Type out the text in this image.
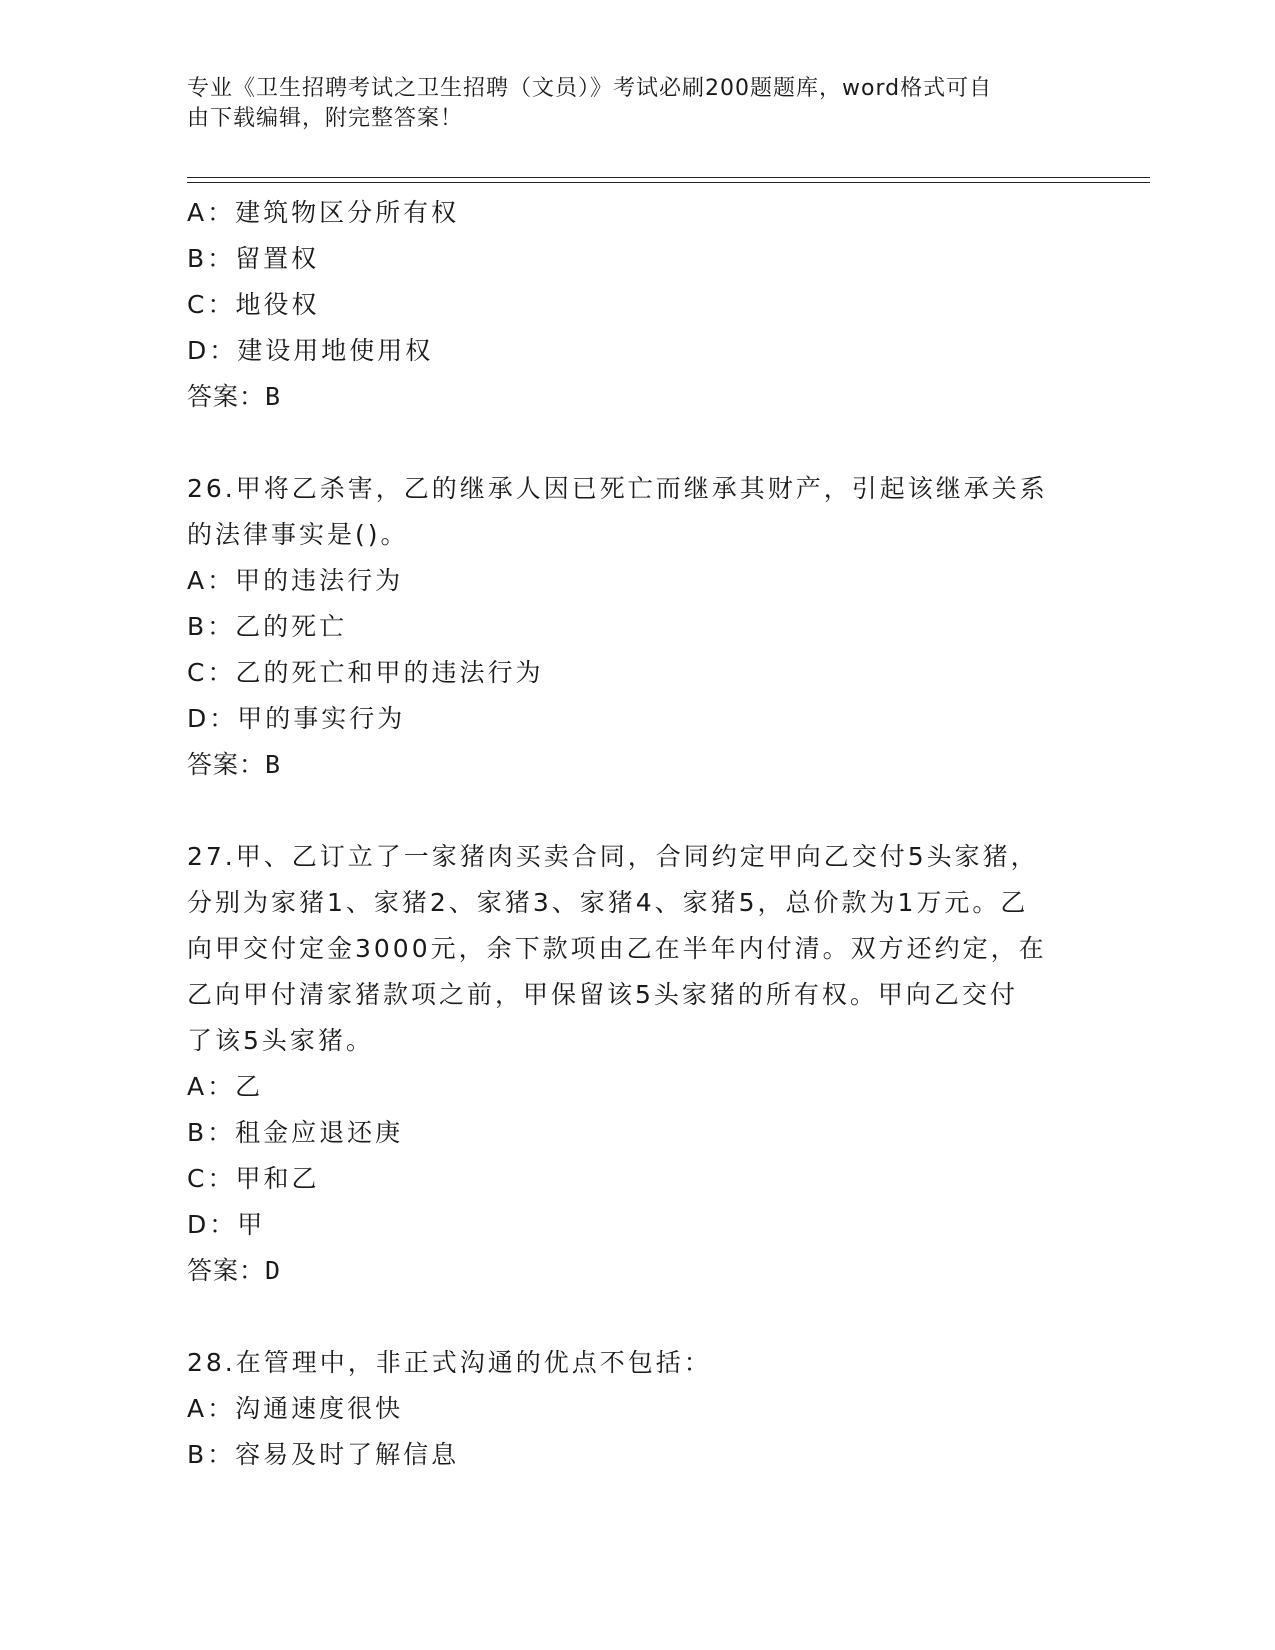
专业《卫生招聘考试之卫生招聘（文员）》考试必刷200题题库，word格式可自
由下载编辑，附完整答案！
A：建筑物区分所有权
B：留置权
C：地役权
D：建设用地使用权
答案：B
26.甲将乙杀害，乙的继承人因已死亡而继承其财产，引起该继承关系
的法律事实是()。
A：甲的违法行为
B：乙的死亡
C：乙的死亡和甲的违法行为
D：甲的事实行为
答案：B
27.甲、乙订立了一家猪肉买卖合同，合同约定甲向乙交付5头家猪，
分别为家猪1、家猪2、家猪3、家猪4、家猪5，总价款为1万元。乙
向甲交付定金3000元，余下款项由乙在半年内付清。双方还约定，在
乙向甲付清家猪款项之前，甲保留该5头家猪的所有权。甲向乙交付
了该5头家猪。
A：乙
B：租金应退还庚
C：甲和乙
D：甲
答案：D
28.在管理中，非正式沟通的优点不包括：
A：沟通速度很快
B：容易及时了解信息
